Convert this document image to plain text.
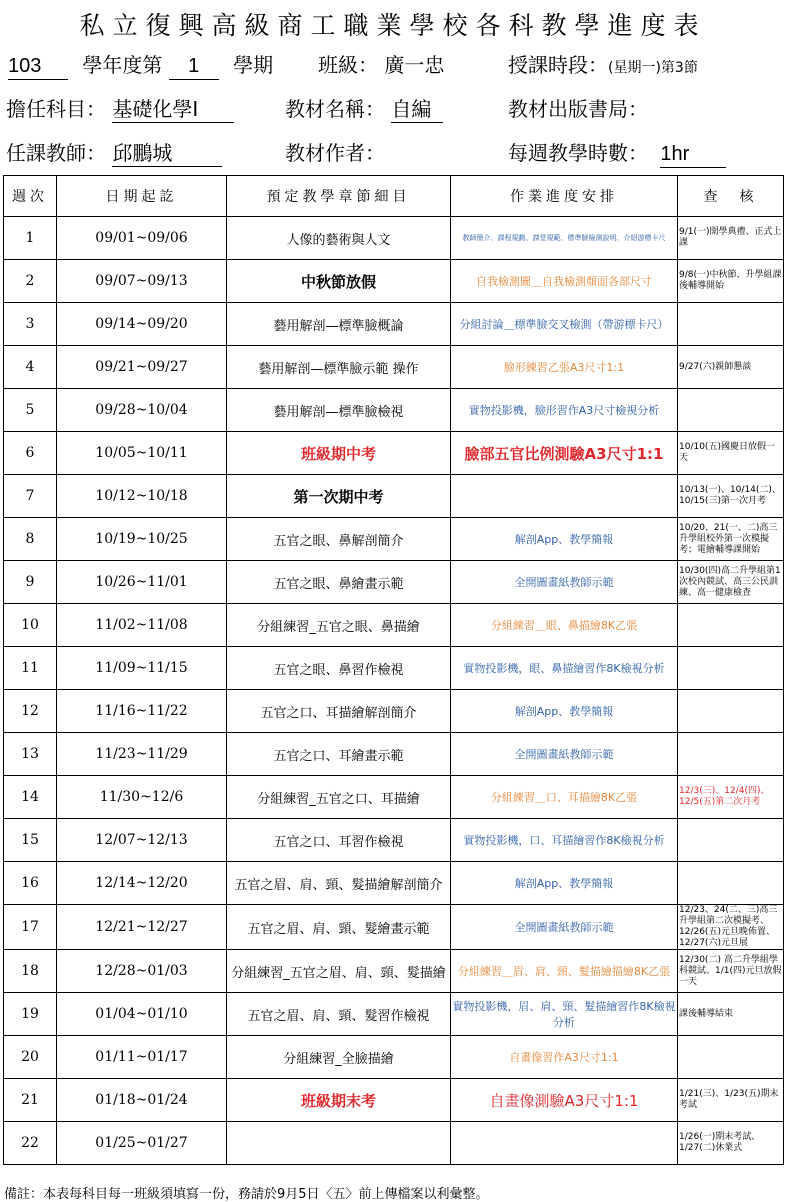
私立復興高級商工職業學校各科教學進度表
103 學年度第 1 學期 班級： 廣一忠	授課時段：(星期一)第3節
擔任科目： 基礎化學Ⅰ	教材名稱： 自編	教材出版書局：
任課教師： 邱鵬城	教材作者：	每週教學時數： 1hr
週次	日期起訖	預定教學章節細目	作業進度安排	查　核
1	09/01~09/06	人像的藝術與人文	教師簡介、課程規劃、課堂規範、標準臉檢測說明、介紹游標卡尺	9/1(一)開學典禮、正式上課
2	09/07~09/13	中秋節放假	自我檢測圖＿自我檢測顏面各部尺寸	9/8(一)中秋節、升學組課後輔導開始
3	09/14~09/20	藝用解剖—標準臉概論	分組討論＿標準臉交叉檢測（帶游標卡尺）	
4	09/21~09/27	藝用解剖—標準臉示範 操作	臉形練習乙張A3尺寸1:1	9/27(六)親師懇談
5	09/28~10/04	藝用解剖—標準臉檢視	實物投影機，臉形習作A3尺寸檢視分析	
6	10/05~10/11	班級期中考	臉部五官比例測驗A3尺寸1:1	10/10(五)國慶日放假一天
7	10/12~10/18	第一次期中考		10/13(一)、10/14(二)、10/15(三)第一次月考
8	10/19~10/25	五官之眼、鼻解剖簡介	解剖App、教學簡報	10/20、21(一、二)高三升學組校外第一次模擬考；電繪輔導課開始
9	10/26~11/01	五官之眼、鼻繪畫示範	全開圖畫紙教師示範	10/30(四)高二升學組第1次校內競試、高三公民訓練、高一健康檢查
10	11/02~11/08	分組練習_五官之眼、鼻描繪	分組練習＿眼、鼻描繪8K乙張	
11	11/09~11/15	五官之眼、鼻習作檢視	實物投影機，眼、鼻描繪習作8K檢視分析	
12	11/16~11/22	五官之口、耳描繪解剖簡介	解剖App、教學簡報	
13	11/23~11/29	五官之口、耳繪畫示範	全開圖畫紙教師示範	
14	11/30~12/6	分組練習_五官之口、耳描繪	分組練習＿口、耳描繪8K乙張	12/3(三)、12/4(四)、12/5(五)第二次月考
15	12/07~12/13	五官之口、耳習作檢視	實物投影機，口、耳描繪習作8K檢視分析	
16	12/14~12/20	五官之眉、肩、頸、髮描繪解剖簡介	解剖App、教學簡報	
17	12/21~12/27	五官之眉、肩、頸、髮繪畫示範	全開圖畫紙教師示範	12/23、24(二、三)高三升學組第二次模擬考、12/26(五)元旦晚佈置、12/27(六)元旦展
18	12/28~01/03	分組練習_五官之眉、肩、頸、髮描繪	分組練習＿眉、肩、頸、髮描繪描繪8K乙張	12/30(二) 高二升學組學科競試、1/1(四)元旦放假一天
19	01/04~01/10	五官之眉、肩、頸、髮習作檢視	實物投影機，眉、肩、頸、髮描繪習作8K檢視分析	課後輔導結束
20	01/11~01/17	分組練習_全臉描繪	自畫像習作A3尺寸1:1	
21	01/18~01/24	班級期末考	自畫像測驗A3尺寸1:1	1/21(三)、1/23(五)期末考試
22	01/25~01/27			1/26(一)期末考試、1/27(二)休業式
備註：本表每科目每一班級須填寫一份，務請於9月5日〈五〉前上傳檔案以利彙整。
